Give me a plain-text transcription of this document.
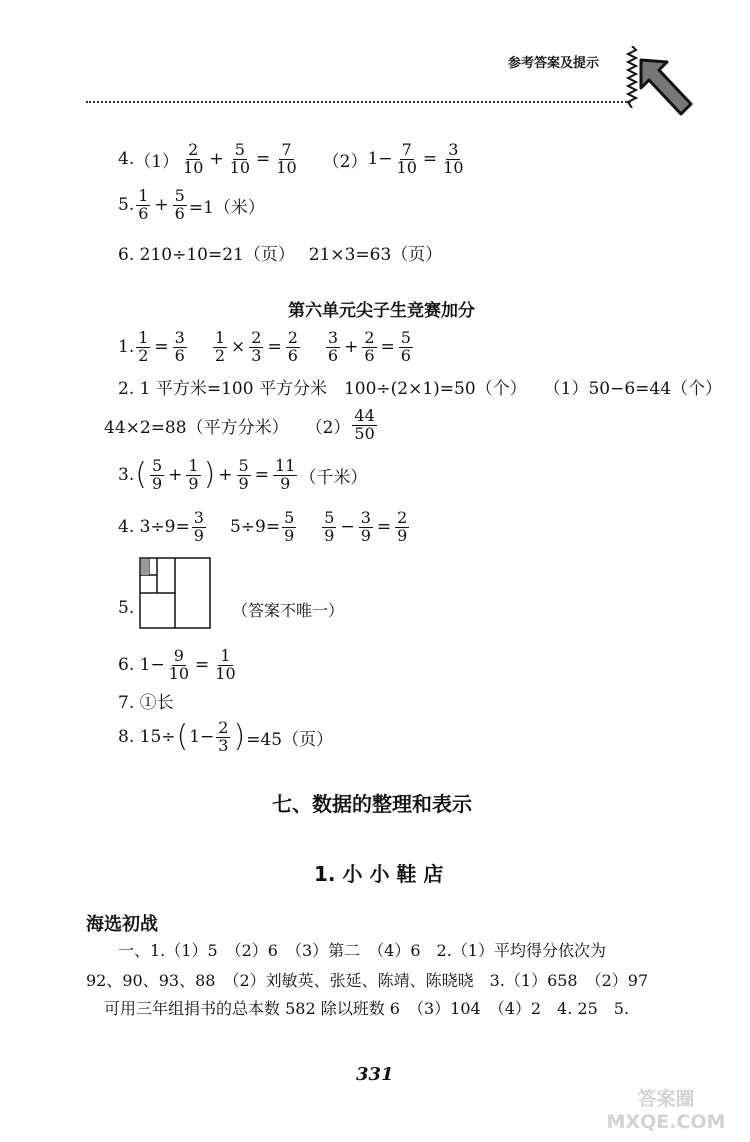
参考答案及提示
4. $(1) \frac{2}{10} + \frac{5}{10} = \frac{7}{10} (2)$ $1- \frac{7}{10} = \frac{3}{10}$
5. $\frac{1}{6} + \frac{5}{6} =1$（米）
6. 210÷10=21（页）　 21×3=63（页）
第六单元尖子生竞赛加分
1. $\frac{1}{2} = \frac{3}{6} \frac{1}{2} \times \frac{2}{3} = \frac{2}{6} \frac{3}{6} + \frac{2}{6} = \frac{5}{6}$
2. 1 平方米=100 平方分米　100÷(2×1)=50（个）　　（1）50−6=44（个）
44×2=88（平方分米）　　$(2) \frac{44}{50}$
3. ( $\frac{5}{9} + \frac{1}{9}$ ) + $\frac{5}{9} = \frac{11}{9}$ （千米）
4. $3\div 9= \frac{3}{9} 5\div 9= \frac{5}{9} \frac{5}{9} - \frac{3}{9} = \frac{2}{9}$
5.	（答案不唯一）
6. $1- \frac{9}{10} = \frac{1}{10}$
7. ①长
8. 15÷ ( $1- \frac{2}{3}$ ) =45（页）
七、数据的整理和表示
1. 小 小 鞋 店
海选初战
一、1.（1）5　（2）6　（3）第二　（4）6　2.（1）平均得分依次为
92、90、93、88　（2）刘敏英、张延、陈靖、陈晓晓　3.（1）658　（2）97
可用三年组捐书的总本数 582 除以班数 6　（3）104　（4）2　4. 25　5.
331
答案圈 MXQE.COM
